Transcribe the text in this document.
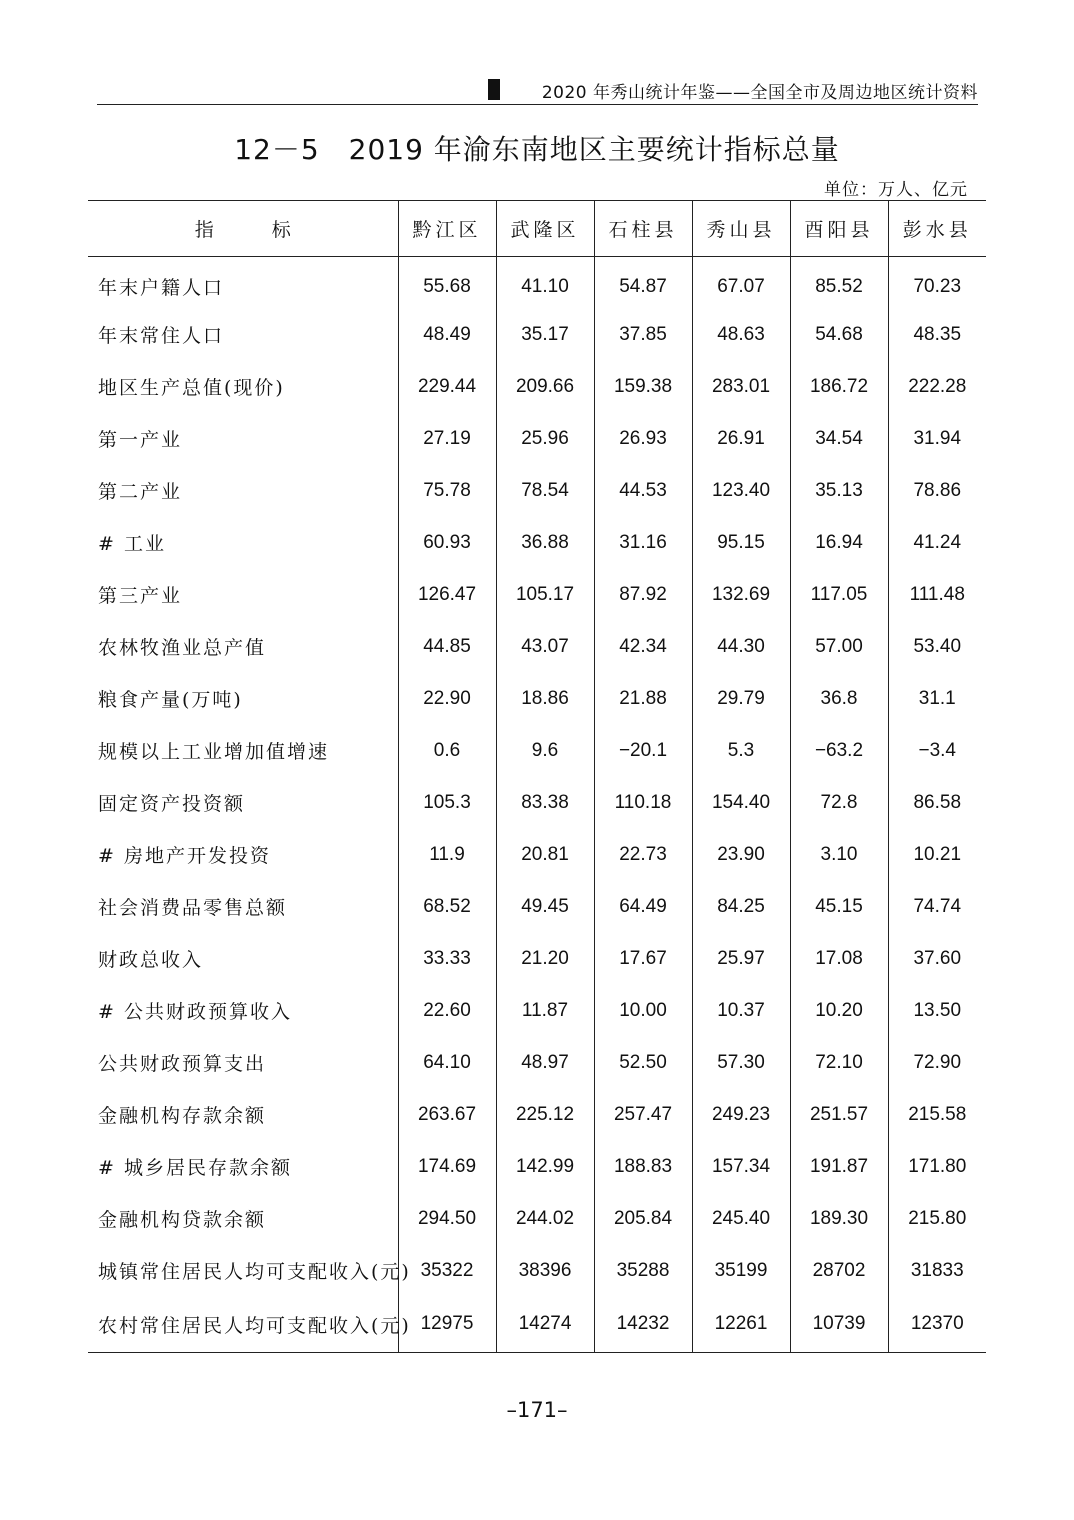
2020 年秀山统计年鉴——全国全市及周边地区统计资料
12－5　2019 年渝东南地区主要统计指标总量
单位：万人、亿元
指 标	黔江区	武隆区	石柱县	秀山县	酉阳县	彭水县
年末户籍人口	55.68	41.10	54.87	67.07	85.52	70.23
年末常住人口	48.49	35.17	37.85	48.63	54.68	48.35
地区生产总值(现价)	229.44	209.66	159.38	283.01	186.72	222.28
第一产业	27.19	25.96	26.93	26.91	34.54	31.94
第二产业	75.78	78.54	44.53	123.40	35.13	78.86
# 工业	60.93	36.88	31.16	95.15	16.94	41.24
第三产业	126.47	105.17	87.92	132.69	117.05	111.48
农林牧渔业总产值	44.85	43.07	42.34	44.30	57.00	53.40
粮食产量(万吨)	22.90	18.86	21.88	29.79	36.8	31.1
规模以上工业增加值增速	0.6	9.6	−20.1	5.3	−63.2	−3.4
固定资产投资额	105.3	83.38	110.18	154.40	72.8	86.58
# 房地产开发投资	11.9	20.81	22.73	23.90	3.10	10.21
社会消费品零售总额	68.52	49.45	64.49	84.25	45.15	74.74
财政总收入	33.33	21.20	17.67	25.97	17.08	37.60
# 公共财政预算收入	22.60	11.87	10.00	10.37	10.20	13.50
公共财政预算支出	64.10	48.97	52.50	57.30	72.10	72.90
金融机构存款余额	263.67	225.12	257.47	249.23	251.57	215.58
# 城乡居民存款余额	174.69	142.99	188.83	157.34	191.87	171.80
金融机构贷款余额	294.50	244.02	205.84	245.40	189.30	215.80
城镇常住居民人均可支配收入(元)	35322	38396	35288	35199	28702	31833
农村常住居民人均可支配收入(元)	12975	14274	14232	12261	10739	12370
–171–
